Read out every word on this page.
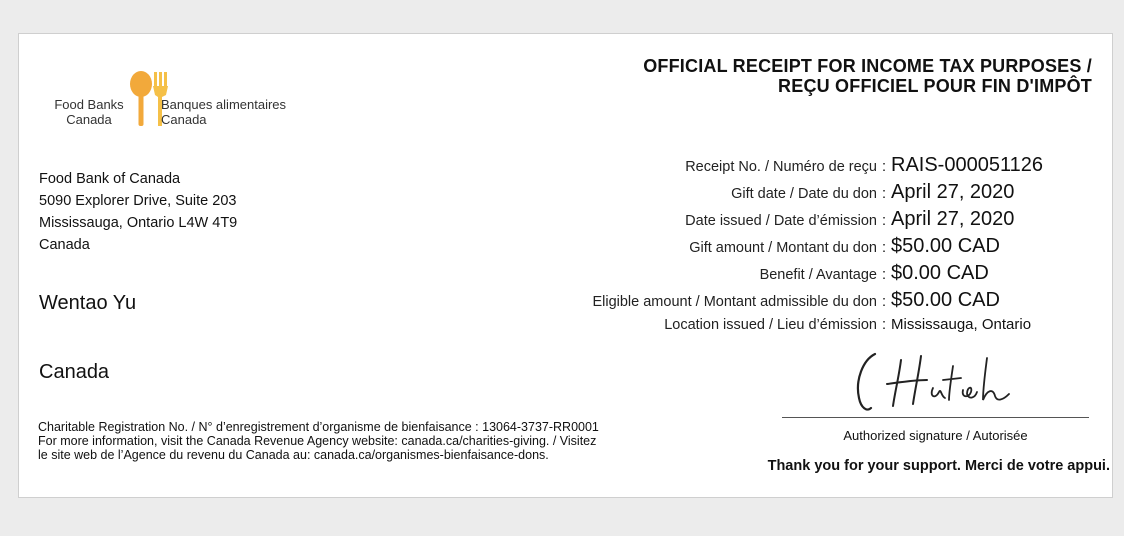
Food Banks
Canada
Banques alimentaires
Canada
OFFICIAL RECEIPT FOR INCOME TAX PURPOSES /
REÇU OFFICIEL POUR FIN D'IMPÔT
Food Bank of Canada
5090 Explorer Drive, Suite 203
Mississauga, Ontario L4W 4T9
Canada
Wentao Yu
Canada
Receipt No. / Numéro de reçu : RAIS-000051126
Gift date / Date du don : April 27, 2020
Date issued / Date d’émission : April 27, 2020
Gift amount / Montant du don : $50.00 CAD
Benefit / Avantage : $0.00 CAD
Eligible amount / Montant admissible du don : $50.00 CAD
Location issued / Lieu d’émission : Mississauga, Ontario
Authorized signature / Autorisée
Thank you for your support. Merci de votre appui.
Charitable Registration No. / N° d’enregistrement d’organisme de bienfaisance : 13064-3737-RR0001
For more information, visit the Canada Revenue Agency website: canada.ca/charities-giving. / Visitez
le site web de l’Agence du revenu du Canada au: canada.ca/organismes-bienfaisance-dons.
